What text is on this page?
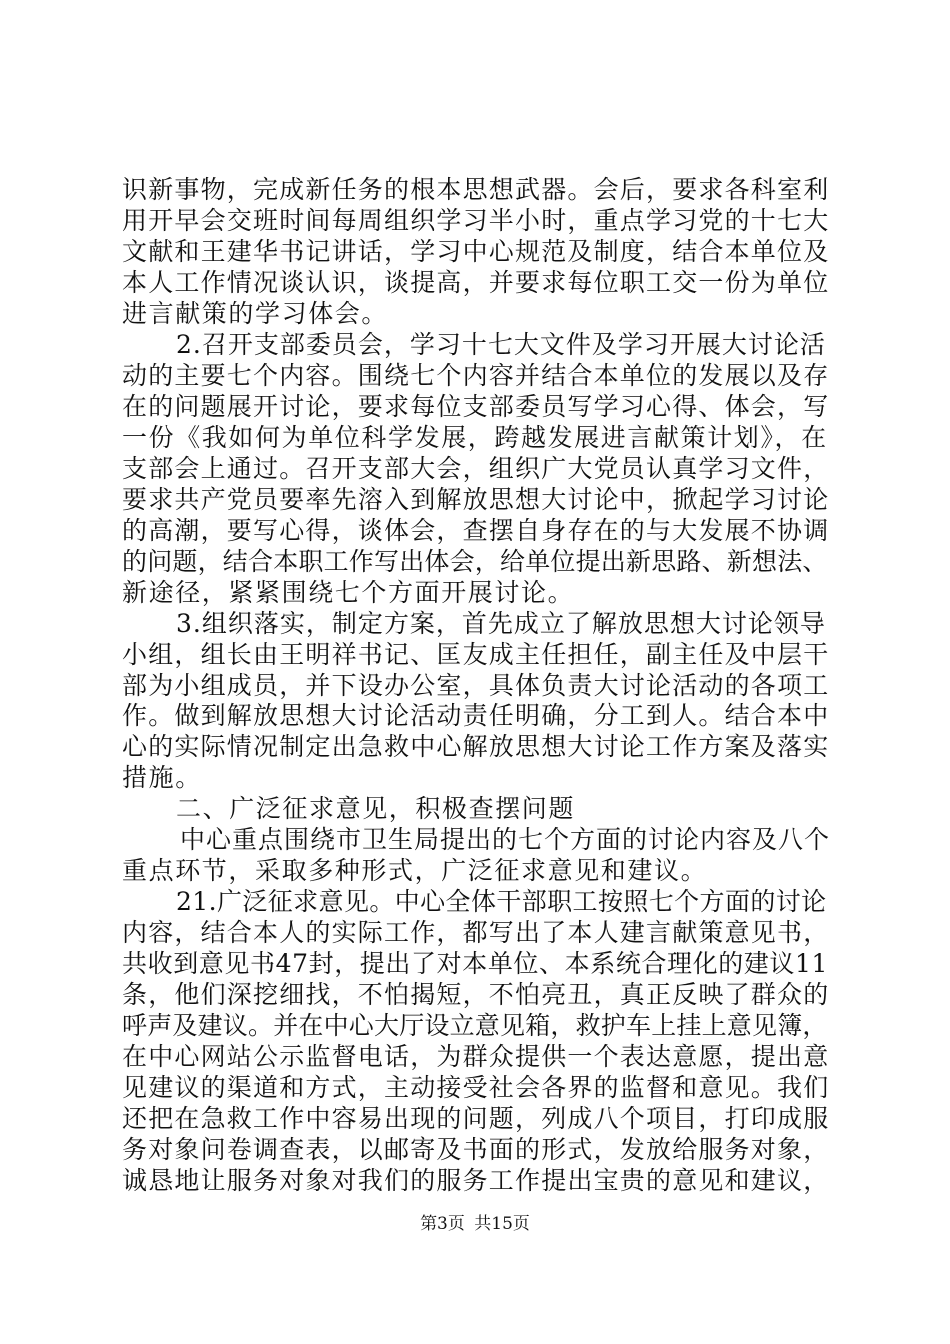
识新事物，完成新任务的根本思想武器。会后，要求各科室利
用开早会交班时间每周组织学习半小时，重点学习党的十七大
文献和王建华书记讲话，学习中心规范及制度，结合本单位及
本人工作情况谈认识，谈提高，并要求每位职工交一份为单位
进言献策的学习体会。
2.召开支部委员会，学习十七大文件及学习开展大讨论活
动的主要七个内容。围绕七个内容并结合本单位的发展以及存
在的问题展开讨论，要求每位支部委员写学习心得、体会，写
一份《我如何为单位科学发展，跨越发展进言献策计划》，在
支部会上通过。召开支部大会，组织广大党员认真学习文件，
要求共产党员要率先溶入到解放思想大讨论中，掀起学习讨论
的高潮，要写心得，谈体会，查摆自身存在的与大发展不协调
的问题，结合本职工作写出体会，给单位提出新思路、新想法、
新途径，紧紧围绕七个方面开展讨论。
3.组织落实，制定方案，首先成立了解放思想大讨论领导
小组，组长由王明祥书记、匡友成主任担任，副主任及中层干
部为小组成员，并下设办公室，具体负责大讨论活动的各项工
作。做到解放思想大讨论活动责任明确，分工到人。结合本中
心的实际情况制定出急救中心解放思想大讨论工作方案及落实
措施。
二、广泛征求意见，积极查摆问题
中心重点围绕市卫生局提出的七个方面的讨论内容及八个
重点环节，采取多种形式，广泛征求意见和建议。
21.广泛征求意见。中心全体干部职工按照七个方面的讨论
内容，结合本人的实际工作，都写出了本人建言献策意见书，
共收到意见书47封，提出了对本单位、本系统合理化的建议11
条，他们深挖细找，不怕揭短，不怕亮丑，真正反映了群众的
呼声及建议。并在中心大厅设立意见箱，救护车上挂上意见簿，
在中心网站公示监督电话，为群众提供一个表达意愿，提出意
见建议的渠道和方式，主动接受社会各界的监督和意见。我们
还把在急救工作中容易出现的问题，列成八个项目，打印成服
务对象问卷调查表，以邮寄及书面的形式，发放给服务对象，
诚恳地让服务对象对我们的服务工作提出宝贵的意见和建议，
第3页 共15页
